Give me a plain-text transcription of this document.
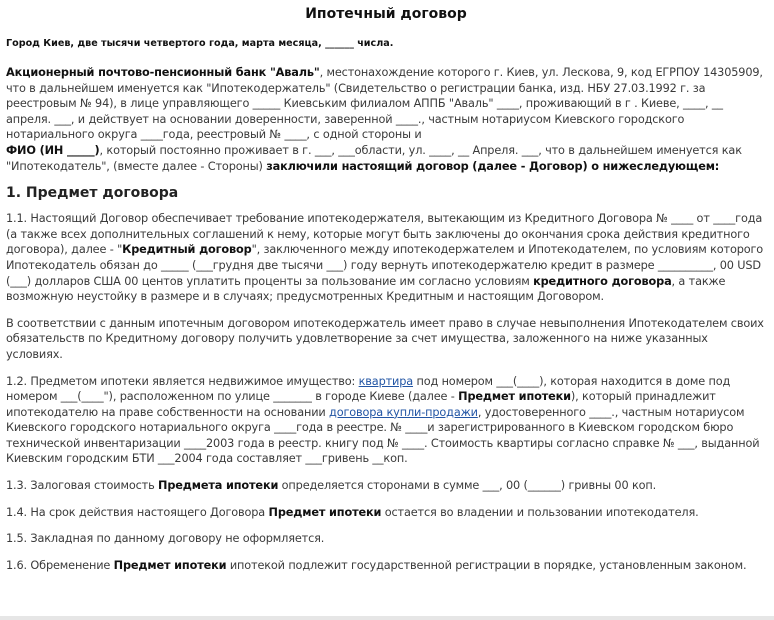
Ипотечный договор
Город Киев, две тысячи четвертого года, марта месяца, ______ числа.

Акционерный почтово-пенсионный банк "Аваль", местонахождение которого г. Киев, ул. Лескова, 9, код ЕГРПОУ 14305909, что в дальнейшем именуется как "Ипотекодержатель" (Свидетельство о регистрации банка, изд. НБУ 27.03.1992 г. за реестровым № 94), в лице управляющего _____ Киевським филиалом АППБ "Аваль" ____, проживающий в г . Киеве, ____, __ апреля. ___, и действует на основании доверенности, заверенной ____., частным нотариусом Киевского городского нотариального округа ____года, реестровый № ____, с одной стороны и
ФИО (ИН _____), который постоянно проживает в г. ___, ___области, ул. ____, __ Апреля. ___, что в дальнейшем именуется как "Ипотекодатель", (вместе далее - Стороны) заключили настоящий договор (далее - Договор) о нижеследующем:

1. Предмет договора

1.1. Настоящий Договор обеспечивает требование ипотекодержателя, вытекающим из Кредитного Договора № ____ от ____года (а также всех дополнительных соглашений к нему, которые могут быть заключены до окончания срока действия кредитного договора), далее - "Кредитный договор", заключенного между ипотекодержателем и Ипотекодателем, по условиям которого Ипотекодатель обязан до _____ (___грудня две тысячи ___) году вернуть ипотекодержателю кредит в размере __________, 00 USD (___) долларов США 00 центов уплатить проценты за пользование им согласно условиям кредитного договора, а также возможную неустойку в размере и в случаях; предусмотренных Кредитным и настоящим Договором.

В соответствии с данным ипотечным договором ипотекодержатель имеет право в случае невыполнения Ипотекодателем своих обязательств по Кредитному договору получить удовлетворение за счет имущества, заложенного на ниже указанных условиях.

1.2. Предметом ипотеки является недвижимое имущество: квартира под номером ___(____), которая находится в доме под номером ___(____"), расположенном по улице _______ в городе Киеве (далее - Предмет ипотеки), который принадлежит ипотекодателю на праве собственности на основании договора купли-продажи, удостоверенного ____., частным нотариусом Киевского городского нотариального округа ____года в реестре. № ____и зарегистрированного в Киевском городском бюро технической инвентаризации ____2003 года в реестр. книгу под № ____. Стоимость квартиры согласно справке № ___, выданной Киевским городским БТИ ___2004 года составляет ___гривень __коп.

1.3. Залоговая стоимость Предмета ипотеки определяется сторонами в сумме ___, 00 (______) гривны 00 коп.

1.4. На срок действия настоящего Договора Предмет ипотеки остается во владении и пользовании ипотекодателя.

1.5. Закладная по данному договору не оформляется.

1.6. Обременение Предмет ипотеки ипотекой подлежит государственной регистрации в порядке, установленным законом.
